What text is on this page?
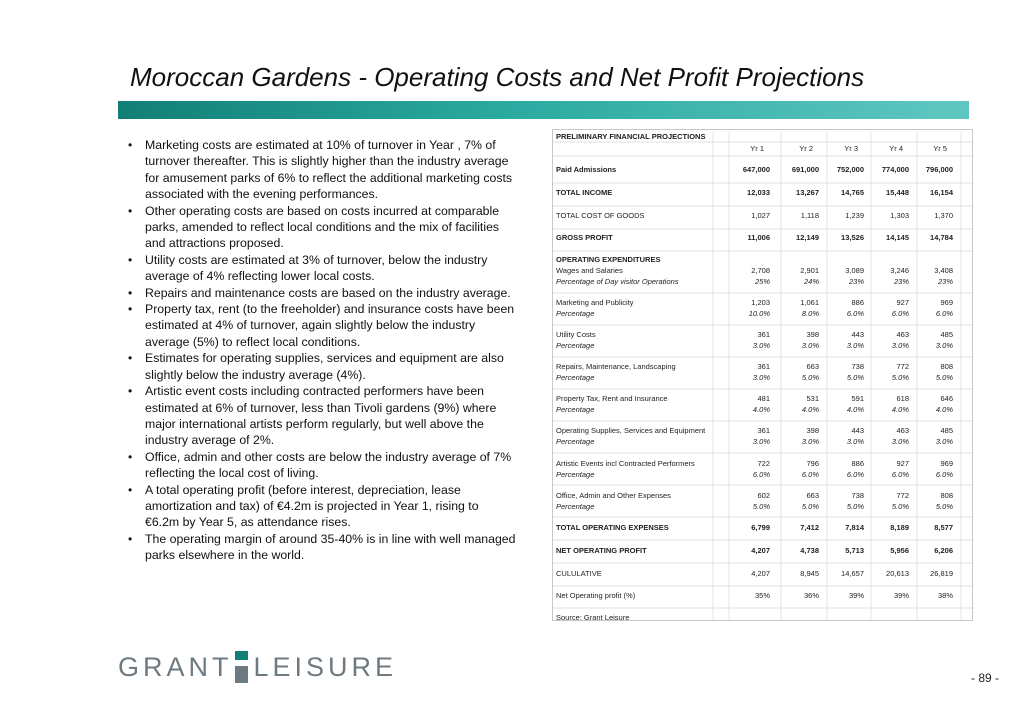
Moroccan Gardens - Operating Costs and Net Profit Projections
• Marketing costs are estimated at 10% of turnover in Year , 7% of
turnover thereafter. This is slightly higher than the industry average
for amusement parks of 6% to reflect the additional marketing costs
associated with the evening performances.
• Other operating costs are based on costs incurred at comparable
parks, amended to reflect local conditions and the mix of facilities
and attractions proposed.
• Utility costs are estimated at 3% of turnover, below the industry
average of 4% reflecting lower local costs.
• Repairs and maintenance costs are based on the industry average.
• Property tax, rent (to the freeholder) and insurance costs have been
estimated at 4% of turnover, again slightly below the industry
average (5%) to reflect local conditions.
• Estimates for operating supplies, services and equipment are also
slightly below the industry average (4%).
• Artistic event costs including contracted performers have been
estimated at 6% of turnover, less than Tivoli gardens (9%) where
major international artists perform regularly, but well above the
industry average of 2%.
• Office, admin and other costs are below the industry average of 7%
reflecting the local cost of living.
• A total operating profit (before interest, depreciation, lease
amortization and tax) of €4.2m is projected in Year 1, rising to
€6.2m by Year 5, as attendance rises.
• The operating margin of around 35-40% is in line with well managed
parks elsewhere in the world.
PRELIMINARY FINANCIAL PROJECTIONS
Yr 1	Yr 2	Yr 3	Yr 4	Yr 5
Paid Admissions	647,000	691,000 752,000 774,000 796,000
TOTAL INCOME	12,033	13,267	14,765	15,448	16,154
TOTAL COST OF GOODS	1,027	1,118	1,239	1,303	1,370
GROSS PROFIT	11,006	12,149	13,526	14,145	14,784
OPERATING EXPENDITURES
Wages and Salaries	2,708	2,901	3,089	3,246	3,408
Percentage of Day visitor Operations	25%	24%	23%	23%	23%
Marketing and Publicity	1,203	1,061	886	927	969
Percentage	10.0%	8.0%	6.0%	6.0%	6.0%
Utility Costs	361	398	443	463	485
Percentage	3.0%	3.0%	3.0%	3.0%	3.0%
Repairs, Maintenance, Landscaping	361	663	738	772	808
Percentage	3.0%	5.0%	5.0%	5.0%	5.0%
Property Tax, Rent and Insurance	481	531	591	618	646
Percentage	4.0%	4.0%	4.0%	4.0%	4.0%
Operating Supplies, Services and Equipment	361	398	443	463	485
Percentage	3.0%	3.0%	3.0%	3.0%	3.0%
Artistic Events incl Contracted Performers	722	796	886	927	969
Percentage	6.0%	6.0%	6.0%	6.0%	6.0%
Office, Admin and Other Expenses	602	663	738	772	808
Percentage	5.0%	5.0%	5.0%	5.0%	5.0%
TOTAL OPERATING EXPENSES	6,799	7,412	7,814	8,189	8,577
NET OPERATING PROFIT	4,207	4,738	5,713	5,956	6,206
CULULATIVE	4,207	8,945	14,657	20,613	26,819
Net Operating profit (%)	35%	36%	39%	39%	38%
Source: Grant Leisure
GRANT LEISURE	- 89 -
